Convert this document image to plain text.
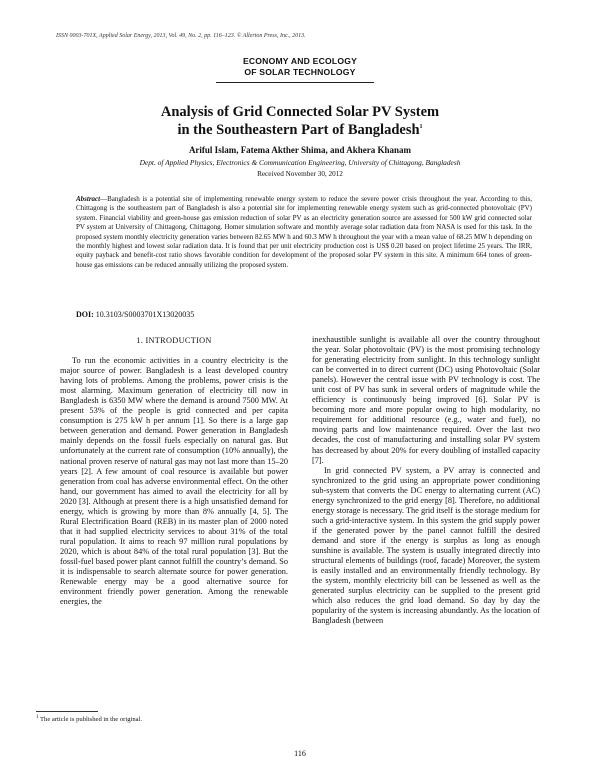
ISSN 0003-701X, Applied Solar Energy, 2013, Vol. 49, No. 2, pp. 116–123. © Allerton Press, Inc., 2013.
ECONOMY AND ECOLOGY
OF SOLAR TECHNOLOGY
Analysis of Grid Connected Solar PV System
in the Southeastern Part of Bangladesh$^1$
Ariful Islam, Fatema Akther Shima, and Akhera Khanam
Dept. of Applied Physics, Electronics & Communication Engineering, University of Chittagong, Bangladesh
Received November 30, 2012
Abstract—Bangladesh is a potential site of implementing renewable energy system to reduce the severe power crisis throughout the year. According to this, Chittagong is the southeastern part of Bangladesh is also a potential site for implementing renewable energy system such as grid-connected photovoltaic (PV) system. Financial viability and green-house gas emission reduction of solar PV as an electricity generation source are assessed for 500 kW grid connected solar PV system at University of Chittagong, Chittagong. Homer simulation software and monthly average solar radiation data from NASA is used for this task. In the proposed system monthly electricity generation varies between 82.65 MW h and 60.3 MW h throughout the year with a mean value of 68.25 MW h depending on the monthly highest and lowest solar radiation data. It is found that per unit electricity production cost is US$ 0.20 based on project lifetime 25 years. The IRR, equity payback and benefit-cost ratio shows favorable condition for development of the proposed solar PV system in this site. A minimum 664 tones of green-house gas emissions can be reduced annually utilizing the proposed system.
DOI: 10.3103/S0003701X13020035
1. INTRODUCTION

To run the economic activities in a country electricity is the major source of power. Bangladesh is a least developed country having lots of problems. Among the problems, power crisis is the most alarming. Maximum generation of electricity till now in Bangladesh is 6350 MW where the demand is around 7500 MW. At present 53% of the people is grid connected and per capita consumption is 275 kW h per annum [1]. So there is a large gap between generation and demand. Power generation in Bangladesh mainly depends on the fossil fuels especially on natural gas. But unfortunately at the current rate of consumption (10% annually), the national proven reserve of natural gas may not last more than 15–20 years [2]. A few amount of coal resource is available but power generation from coal has adverse environmental effect. On the other hand, our government has aimed to avail the electricity for all by 2020 [3]. Although at present there is a high unsatisfied demand for energy, which is growing by more than 8% annually [4, 5]. The Rural Electrification Board (REB) in its master plan of 2000 noted that it had supplied electricity services to about 31% of the total rural population. It aims to reach 97 million rural populations by 2020, which is about 84% of the total rural population [3]. But the fossil-fuel based power plant cannot fulfill the country’s demand. So it is indispensable to search alternate source for power generation. Renewable energy may be a good alternative source for environment friendly power generation. Among the renewable energies, the

inexhaustible sunlight is available all over the country throughout the year. Solar photovoltaic (PV) is the most promising technology for generating electricity from sunlight. In this technology sunlight can be converted in to direct current (DC) using Photovoltaic (Solar panels). However the central issue with PV technology is cost. The unit cost of PV has sunk in several orders of magnitude while the efficiency is continuously being improved [6]. Solar PV is becoming more and more popular owing to high modularity, no requirement for additional resource (e.g., water and fuel), no moving parts and low maintenance required. Over the last two decades, the cost of manufacturing and installing solar PV system has decreased by about 20% for every doubling of installed capacity [7].

In grid connected PV system, a PV array is connected and synchronized to the grid using an appropriate power conditioning sub-system that converts the DC energy to alternating current (AC) energy synchronized to the grid energy [8]. Therefore, no additional energy storage is necessary. The grid itself is the storage medium for such a grid-interactive system. In this system the grid supply power if the generated power by the panel cannot fulfill the desired demand and store if the energy is surplus as long as enough sunshine is available. The system is usually integrated directly into structural elements of buildings (roof, facade) Moreover, the system is easily installed and an environmentally friendly technology. By the system, monthly electricity bill can be lessened as well as the generated surplus electricity can be supplied to the present grid which also reduces the grid load demand. So day by day the popularity of the system is increasing abundantly. As the location of Bangladesh (between

$^1$ The article is published in the original.
116
